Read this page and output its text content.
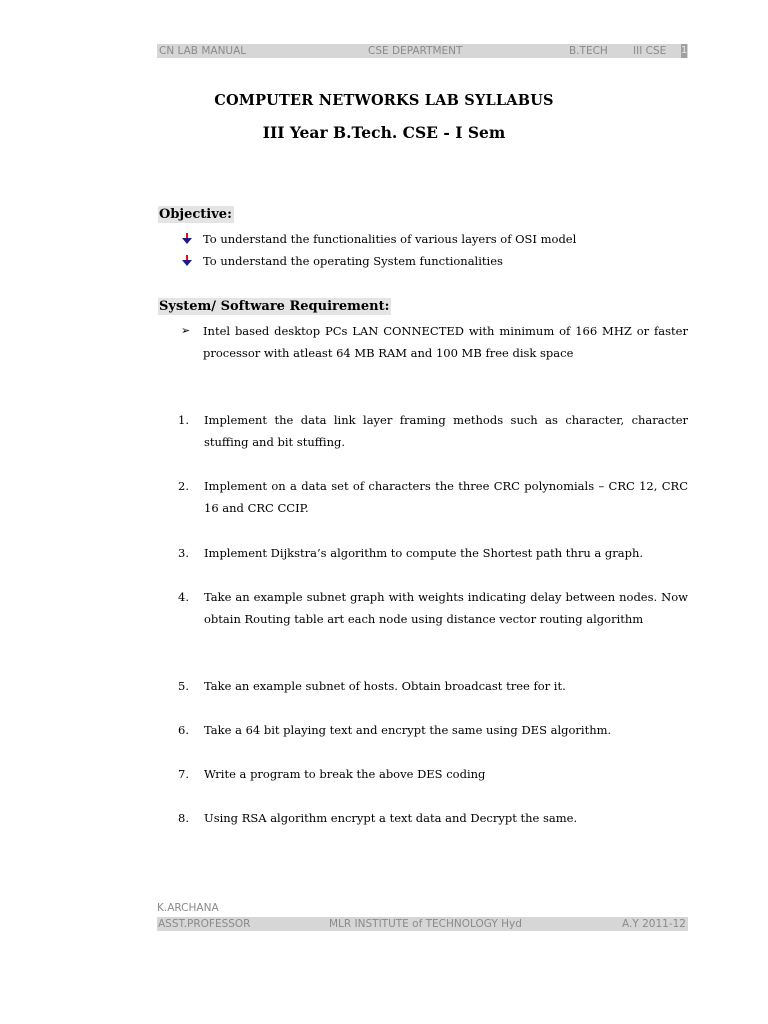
CN LAB MANUAL	CSE DEPARTMENT	B.TECH III CSE 1
COMPUTER NETWORKS LAB SYLLABUS
III Year B.Tech. CSE - I Sem
Objective:
To understand the functionalities of various layers of OSI model
To understand the operating System functionalities
System/ Software Requirement:
➢ Intel based desktop PCs LAN CONNECTED with minimum of 166 MHZ or faster processor with atleast 64 MB RAM and 100 MB free disk space
1.	Implement the data link layer framing methods such as character, character stuffing and bit stuffing.
2.	Implement on a data set of characters the three CRC polynomials – CRC 12, CRC 16 and CRC CCIP.
3.	Implement Dijkstra’s algorithm to compute the Shortest path thru a graph.
4.	Take an example subnet graph with weights indicating delay between nodes. Now obtain Routing table art each node using distance vector routing algorithm
5.	Take an example subnet of hosts. Obtain broadcast tree for it.
6.	Take a 64 bit playing text and encrypt the same using DES algorithm.
7.	Write a program to break the above DES coding
8.	Using RSA algorithm encrypt a text data and Decrypt the same.
K.ARCHANA
ASST.PROFESSOR	MLR INSTITUTE of TECHNOLOGY Hyd	A.Y 2011-12
